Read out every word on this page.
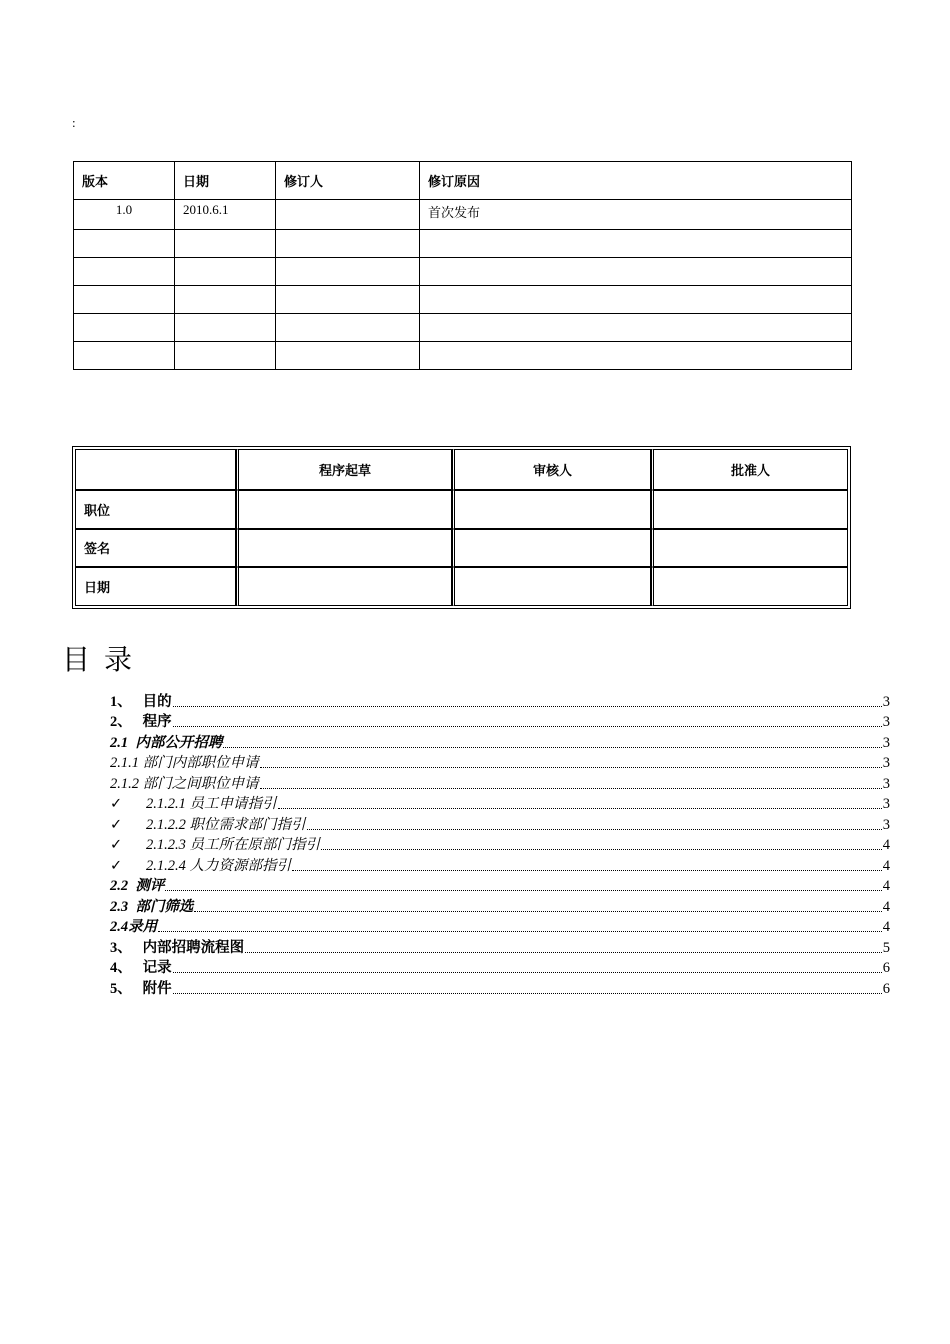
:
版本	日期	修订人	修订原因
1.0	2010.6.1		首次发布

	程序起草	审核人	批准人
职位			
签名			
日期			
目录
1、   目的	3
2、   程序	3
2.1  内部公开招聘	3
2.1.1 部门内部职位申请	3
2.1.2 部门之间职位申请	3
✓	2.1.2.1 员工申请指引	3
✓	2.1.2.2 职位需求部门指引	3
✓	2.1.2.3 员工所在原部门指引	4
✓	2.1.2.4 人力资源部指引	4
2.2  测评	4
2.3  部门筛选	4
2.4录用	4
3、   内部招聘流程图	5
4、   记录	6
5、   附件	6
